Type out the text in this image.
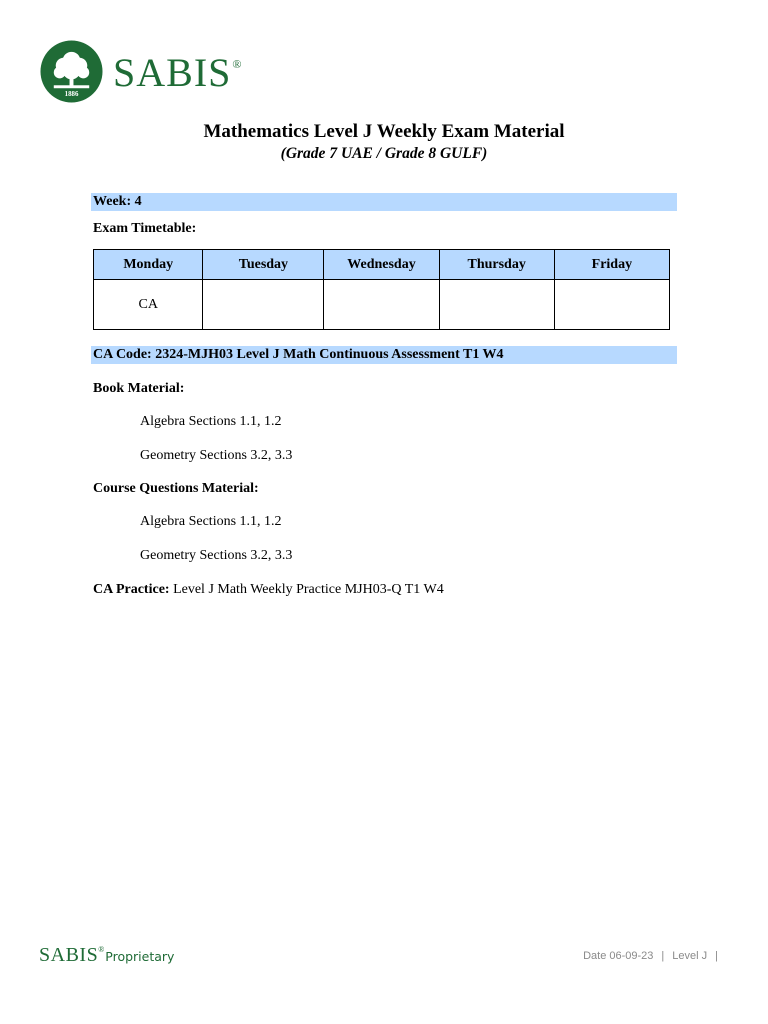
1886 SABIS®
Mathematics Level J Weekly Exam Material
(Grade 7 UAE / Grade 8 GULF)
Week: 4
Exam Timetable:
Monday	Tuesday	Wednesday	Thursday	Friday
CA				
CA Code: 2324-MJH03 Level J Math Continuous Assessment T1 W4
Book Material:
Algebra Sections 1.1, 1.2
Geometry Sections 3.2, 3.3
Course Questions Material:
Algebra Sections 1.1, 1.2
Geometry Sections 3.2, 3.3
CA Practice: Level J Math Weekly Practice MJH03-Q T1 W4
SABIS ® Proprietary	Date 06-09-23 | Level J |
